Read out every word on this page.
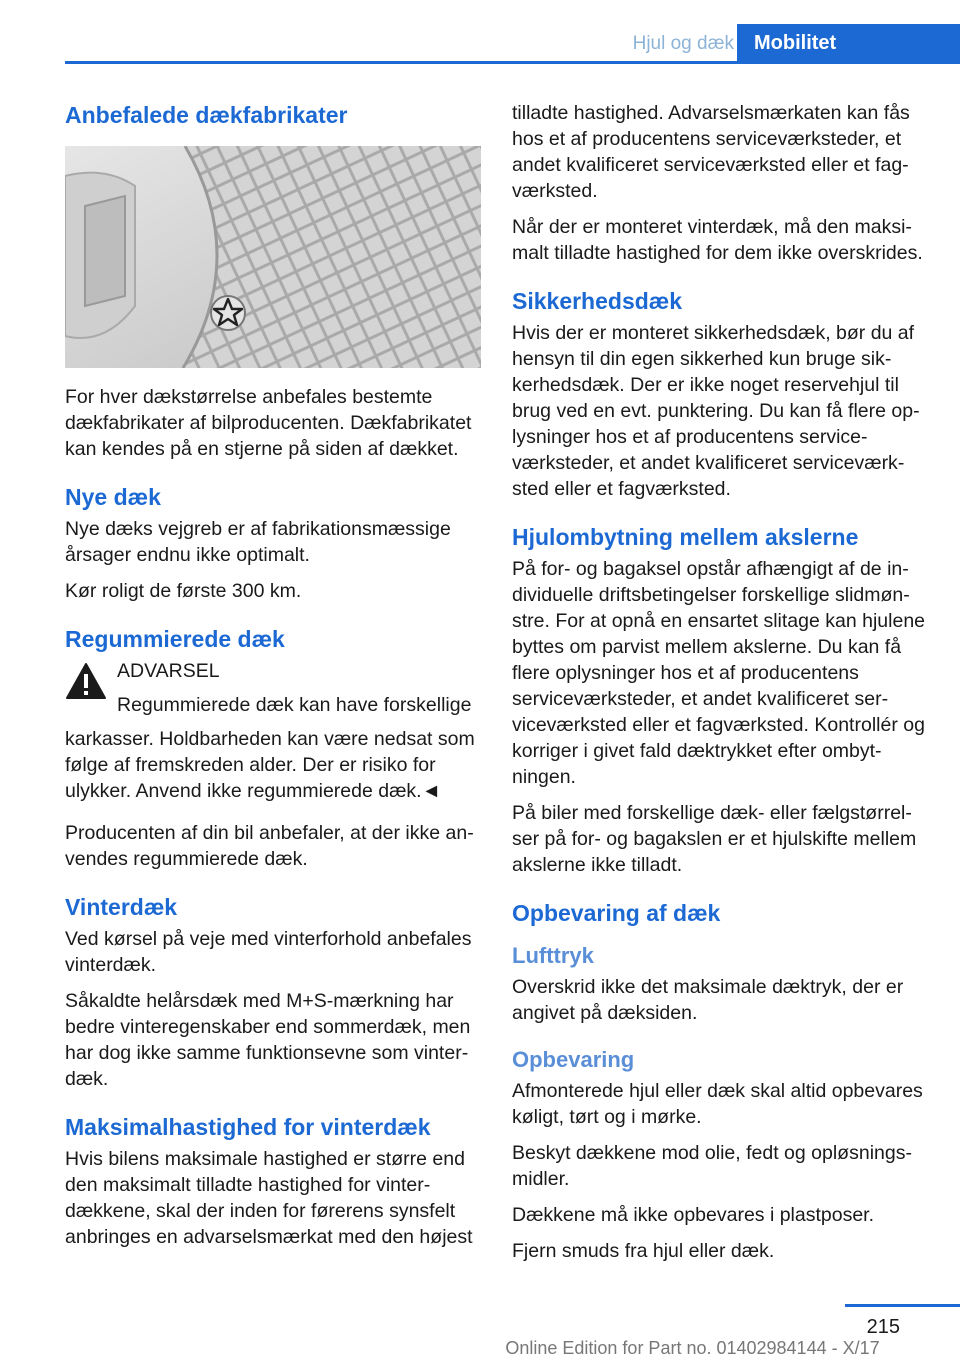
Hjul og dæk	Mobilitet
Anbefalede dækfabrikater

For hver dækstørrelse anbefales bestemte dækfabrikater af bilproducenten. Dækfabrikatet kan kendes på en stjerne på siden af dækket.

Nye dæk

Nye dæks vejgreb er af fabrikationsmæssige årsager endnu ikke optimalt.

Kør roligt de første 300 km.

Regummierede dæk

ADVARSEL

Regummierede dæk kan have forskellige

karkasser. Holdbarheden kan være nedsat som følge af fremskreden alder. Der er risiko for ulykker. Anvend ikke regummierede dæk.◄

Producenten af din bil anbefaler, at der ikke anvendes regummierede dæk.

Vinterdæk

Ved kørsel på veje med vinterforhold anbefales vinterdæk.

Såkaldte helårsdæk med M+S-mærkning har bedre vinteregenskaber end sommerdæk, men har dog ikke samme funktionsevne som vinterdæk.

Maksimalhastighed for vinterdæk

Hvis bilens maksimale hastighed er større end den maksimalt tilladte hastighed for vinterdækkene, skal der inden for førerens synsfelt anbringes en advarselsmærkat med den højest

tilladte hastighed. Advarselsmærkaten kan fås hos et af producentens serviceværksteder, et andet kvalificeret serviceværksted eller et fagværksted.

Når der er monteret vinterdæk, må den maksimalt tilladte hastighed for dem ikke overskrides.

Sikkerhedsdæk

Hvis der er monteret sikkerhedsdæk, bør du af hensyn til din egen sikkerhed kun bruge sikkerhedsdæk. Der er ikke noget reservehjul til brug ved en evt. punktering. Du kan få flere oplysninger hos et af producentens serviceværksteder, et andet kvalificeret serviceværksted eller et fagværksted.

Hjulombytning mellem akslerne

På for- og bagaksel opstår afhængigt af de individuelle driftsbetingelser forskellige slidmønstre. For at opnå en ensartet slitage kan hjulene byttes om parvist mellem akslerne. Du kan få flere oplysninger hos et af producentens serviceværksteder, et andet kvalificeret serviceværksted eller et fagværksted. Kontrollér og korriger i givet fald dæktrykket efter ombytningen.

På biler med forskellige dæk- eller fælgstørrelser på for- og bagakslen er et hjulskifte mellem akslerne ikke tilladt.

Opbevaring af dæk
Lufttryk

Overskrid ikke det maksimale dæktryk, der er angivet på dæksiden.

Opbevaring

Afmonterede hjul eller dæk skal altid opbevares køligt, tørt og i mørke.

Beskyt dækkene mod olie, fedt og opløsningsmidler.

Dækkene må ikke opbevares i plastposer.

Fjern smuds fra hjul eller dæk.

215
Online Edition for Part no. 01402984144 - X/17
